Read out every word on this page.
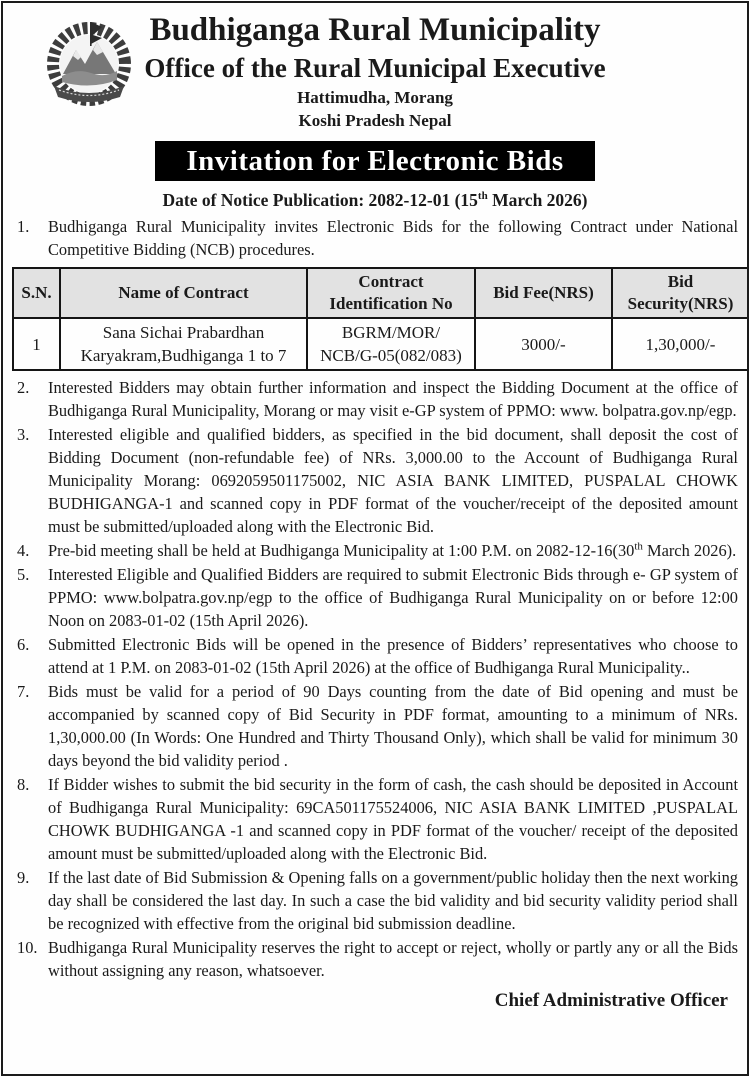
Budhiganga Rural Municipality
Office of the Rural Municipal Executive
Hattimudha, Morang
Koshi Pradesh Nepal
Invitation for Electronic Bids
Date of Notice Publication: 2082-12-01 (15th March 2026)
1.	Budhiganga Rural Municipality invites Electronic Bids for the following Contract under National Competitive Bidding (NCB) procedures.
S.N.	Name of Contract	Contract Identification No	Bid Fee(NRS)	Bid Security(NRS)
1	Sana Sichai Prabardhan Karyakram,Budhiganga 1 to 7	BGRM/MOR/ NCB/G-05(082/083)	3000/-	1,30,000/-
2.	Interested Bidders may obtain further information and inspect the Bidding Document at the office of Budhiganga Rural Municipality, Morang or may visit e-GP system of PPMO: www. bolpatra.gov.np/egp.
3.	Interested eligible and qualified bidders, as specified in the bid document, shall deposit the cost of Bidding Document (non-refundable fee) of NRs. 3,000.00 to the Account of Budhiganga Rural Municipality Morang: 0692059501175002, NIC ASIA BANK LIMITED, PUSPALAL CHOWK BUDHIGANGA-1 and scanned copy in PDF format of the voucher/receipt of the deposited amount must be submitted/uploaded along with the Electronic Bid.
4.	Pre-bid meeting shall be held at Budhiganga Municipality at 1:00 P.M. on 2082-12-16(30th March 2026).
5.	Interested Eligible and Qualified Bidders are required to submit Electronic Bids through e- GP system of PPMO: www.bolpatra.gov.np/egp to the office of Budhiganga Rural Municipality on or before 12:00 Noon on 2083-01-02 (15th April 2026).
6.	Submitted Electronic Bids will be opened in the presence of Bidders’ representatives who choose to attend at 1 P.M. on 2083-01-02 (15th April 2026) at the office of Budhiganga Rural Municipality..
7.	Bids must be valid for a period of 90 Days counting from the date of Bid opening and must be accompanied by scanned copy of Bid Security in PDF format, amounting to a minimum of NRs. 1,30,000.00 (In Words: One Hundred and Thirty Thousand Only), which shall be valid for minimum 30 days beyond the bid validity period .
8.	If Bidder wishes to submit the bid security in the form of cash, the cash should be deposited in Account of Budhiganga Rural Municipality: 69CA501175524006, NIC ASIA BANK LIMITED ,PUSPALAL CHOWK BUDHIGANGA -1 and scanned copy in PDF format of the voucher/ receipt of the deposited amount must be submitted/uploaded along with the Electronic Bid.
9.	If the last date of Bid Submission & Opening falls on a government/public holiday then the next working day shall be considered the last day. In such a case the bid validity and bid security validity period shall be recognized with effective from the original bid submission deadline.
10. Budhiganga Rural Municipality reserves the right to accept or reject, wholly or partly any or all the Bids without assigning any reason, whatsoever.
Chief Administrative Officer
